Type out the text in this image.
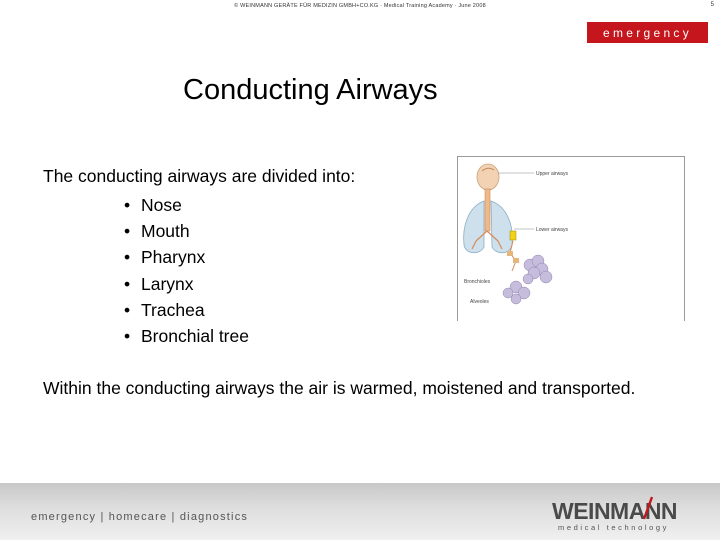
© WEINMANN GERÄTE FÜR MEDIZIN GMBH+CO.KG · Medical Training Academy · June 2008	5
emergency
Conducting Airways
The conducting airways are divided into:
• Nose
• Mouth
• Pharynx
• Larynx
• Trachea
• Bronchial tree
Within the conducting airways the air is warmed, moistened and transported.
Upper airways
Lower airways
Bronchioles
Alveoles
emergency | homecare | diagnostics	WEINMANN
medical technology
